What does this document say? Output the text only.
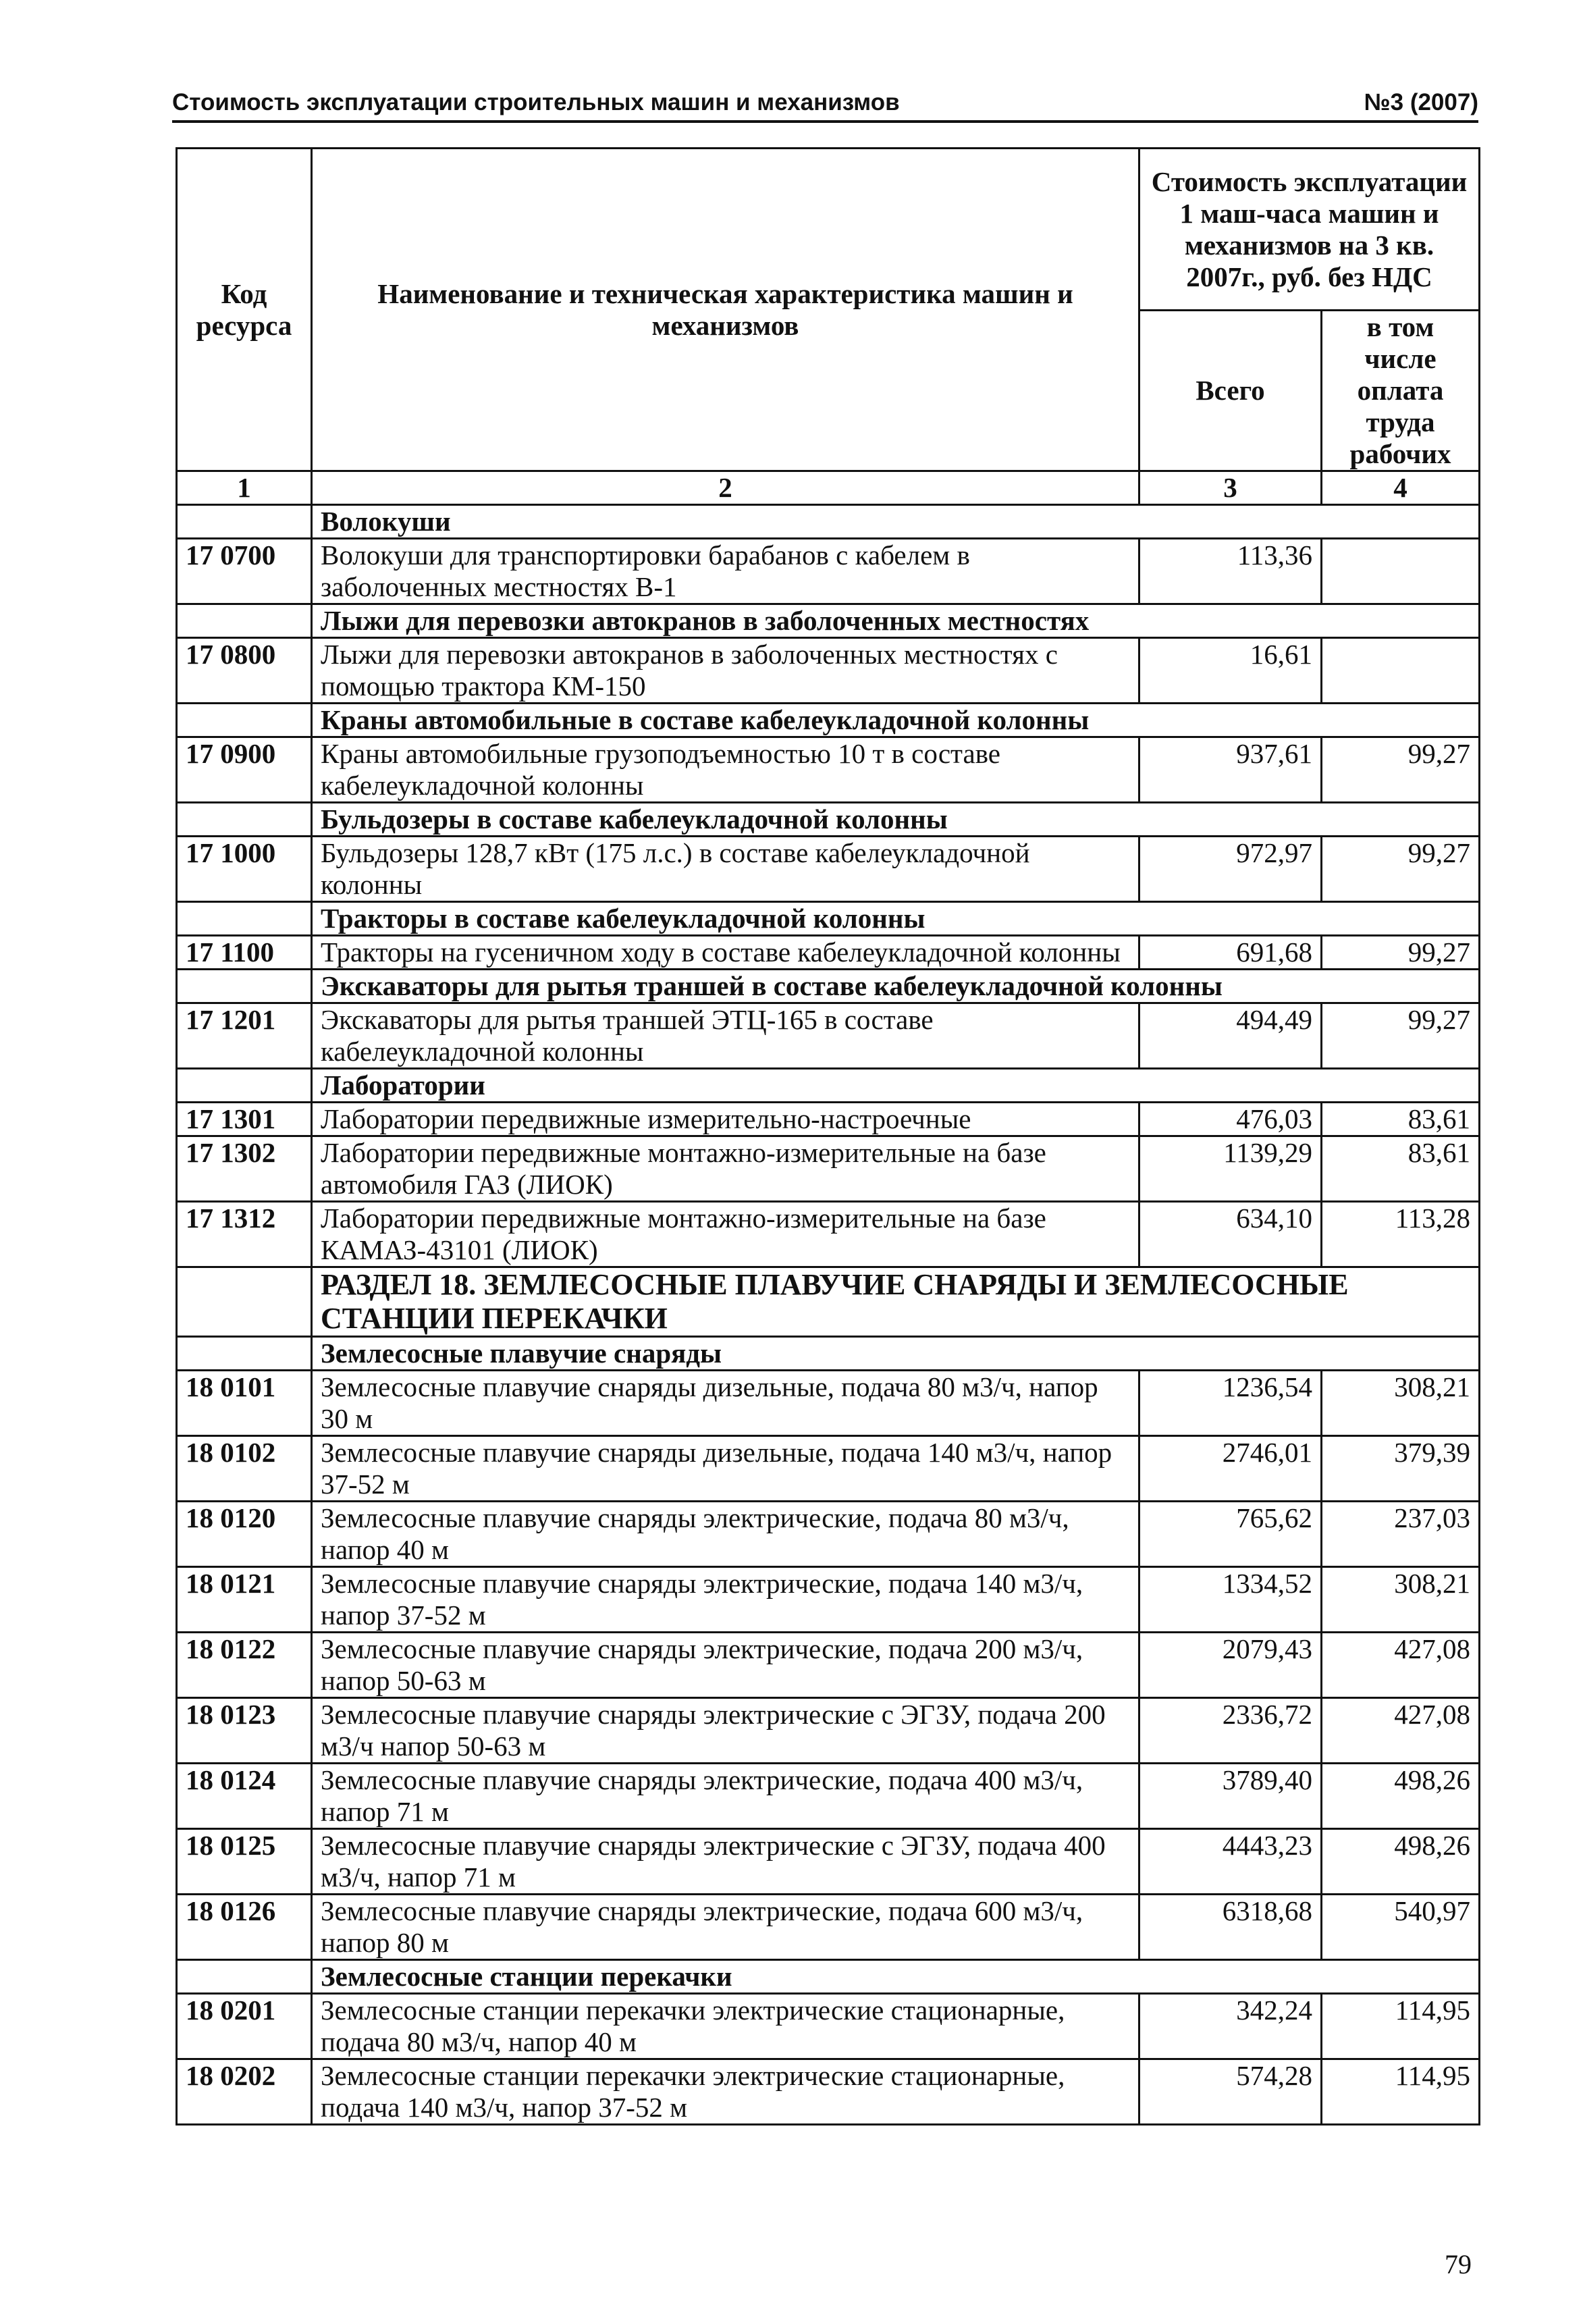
Стоимость эксплуатации строительных машин и механизмов	№3 (2007)
Код ресурса	Наименование и техническая характеристика машин и механизмов	Стоимость эксплуатации 1 маш-часа машин и механизмов на 3 кв. 2007г., руб. без НДС	
		Всего	в том числе оплата труда рабочих
1	2	3	4
	Волокуши		
17 0700	Волокуши для транспортировки барабанов с кабелем в заболоченных местностях В-1	113,36	
	Лыжи для перевозки автокранов в заболоченных местностях		
17 0800	Лыжи для перевозки автокранов в заболоченных местностях с помощью трактора КМ-150	16,61	
	Краны автомобильные в составе кабелеукладочной колонны		
17 0900	Краны автомобильные грузоподъемностью 10 т в составе кабелеукладочной колонны	937,61	99,27
	Бульдозеры в составе кабелеукладочной колонны		
17 1000	Бульдозеры 128,7 кВт (175 л.с.) в составе кабелеукладочной колонны	972,97	99,27
	Тракторы в составе кабелеукладочной колонны		
17 1100	Тракторы на гусеничном ходу в составе кабелеукладочной колонны	691,68	99,27
	Экскаваторы для рытья траншей в составе кабелеукладочной колонны		
17 1201	Экскаваторы для рытья траншей ЭТЦ-165 в составе кабелеукладочной колонны	494,49	99,27
	Лаборатории		
17 1301	Лаборатории передвижные измерительно-настроечные	476,03	83,61
17 1302	Лаборатории передвижные монтажно-измерительные на базе автомобиля ГАЗ (ЛИОК)	1139,29	83,61
17 1312	Лаборатории передвижные монтажно-измерительные на базе КАМАЗ-43101 (ЛИОК)	634,10	113,28
	РАЗДЕЛ 18. ЗЕМЛЕСОСНЫЕ ПЛАВУЧИЕ СНАРЯДЫ И ЗЕМЛЕСОСНЫЕ СТАНЦИИ ПЕРЕКАЧКИ		
	Землесосные плавучие снаряды		
18 0101	Землесосные плавучие снаряды дизельные, подача 80 м3/ч, напор 30 м	1236,54	308,21
18 0102	Землесосные плавучие снаряды дизельные, подача 140 м3/ч, напор 37-52 м	2746,01	379,39
18 0120	Землесосные плавучие снаряды электрические, подача 80 м3/ч, напор 40 м	765,62	237,03
18 0121	Землесосные плавучие снаряды электрические, подача 140 м3/ч, напор 37-52 м	1334,52	308,21
18 0122	Землесосные плавучие снаряды электрические, подача 200 м3/ч, напор 50-63 м	2079,43	427,08
18 0123	Землесосные плавучие снаряды электрические с ЭГЗУ, подача 200 м3/ч напор 50-63 м	2336,72	427,08
18 0124	Землесосные плавучие снаряды электрические, подача 400 м3/ч, напор 71 м	3789,40	498,26
18 0125	Землесосные плавучие снаряды электрические с ЭГЗУ, подача 400 м3/ч, напор 71 м	4443,23	498,26
18 0126	Землесосные плавучие снаряды электрические, подача 600 м3/ч, напор 80 м	6318,68	540,97
	Землесосные станции перекачки		
18 0201	Землесосные станции перекачки электрические стационарные, подача 80 м3/ч, напор 40 м	342,24	114,95
18 0202	Землесосные станции перекачки электрические стационарные, подача 140 м3/ч, напор 37-52 м	574,28	114,95
79
